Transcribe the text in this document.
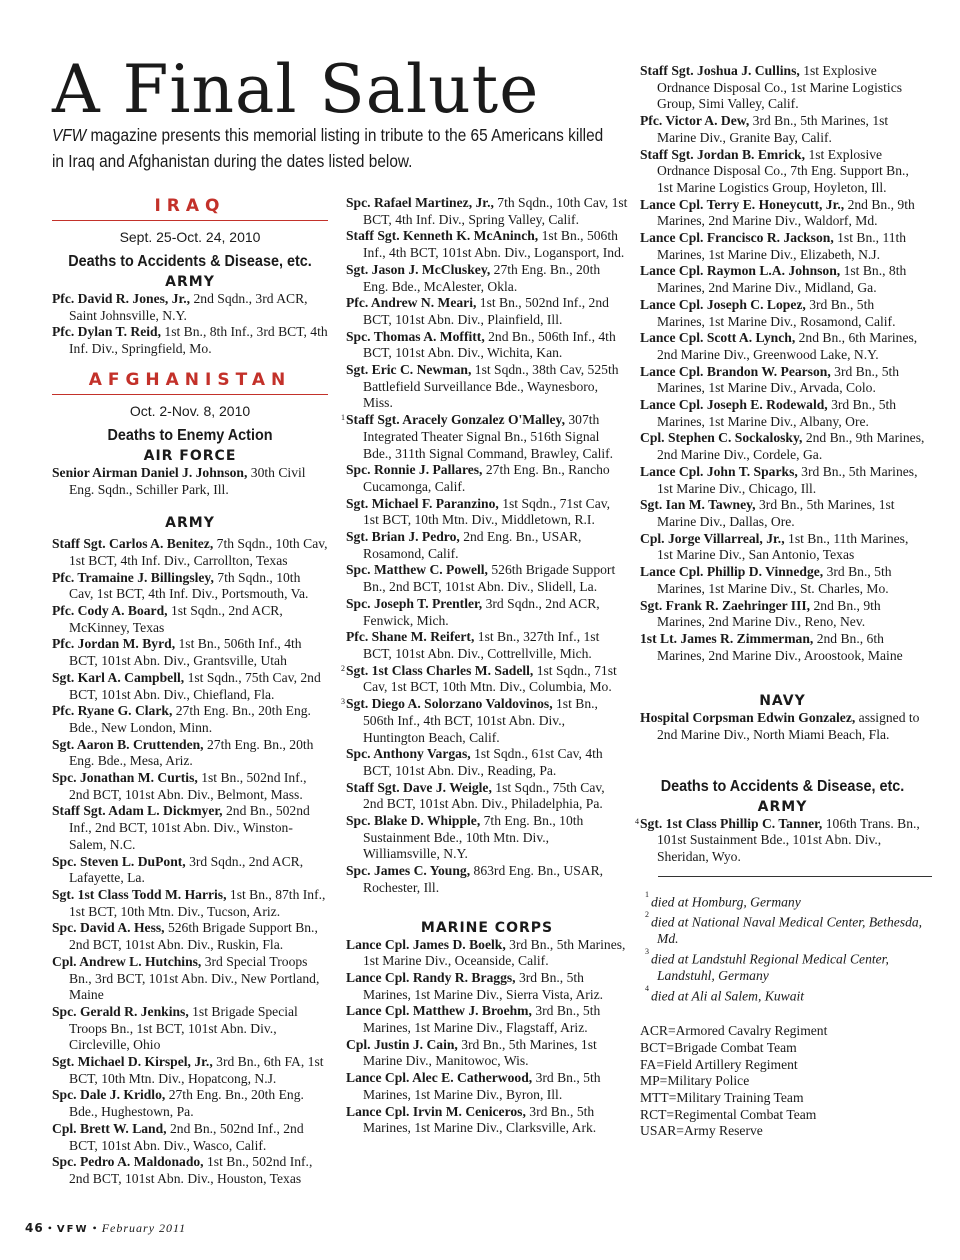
A Final Salute

VFW magazine presents this memorial listing in tribute to the 65 Americans killed in Iraq and Afghanistan during the dates listed below.

IRAQ
Sept. 25-Oct. 24, 2010
Deaths to Accidents & Disease, etc.
ARMY
Pfc. David R. Jones, Jr., 2nd Sqdn., 3rd ACR, Saint Johnsville, N.Y.
Pfc. Dylan T. Reid, 1st Bn., 8th Inf., 3rd BCT, 4th Inf. Div., Springfield, Mo.
AFGHANISTAN
Oct. 2-Nov. 8, 2010
Deaths to Enemy Action
AIR FORCE
Senior Airman Daniel J. Johnson, 30th Civil Eng. Sqdn., Schiller Park, Ill.
ARMY
Staff Sgt. Carlos A. Benitez, 7th Sqdn., 10th Cav, 1st BCT, 4th Inf. Div., Carrollton, Texas
Pfc. Tramaine J. Billingsley, 7th Sqdn., 10th Cav, 1st BCT, 4th Inf. Div., Portsmouth, Va.
Pfc. Cody A. Board, 1st Sqdn., 2nd ACR, McKinney, Texas
Pfc. Jordan M. Byrd, 1st Bn., 506th Inf., 4th BCT, 101st Abn. Div., Grantsville, Utah
Sgt. Karl A. Campbell, 1st Sqdn., 75th Cav, 2nd BCT, 101st Abn. Div., Chiefland, Fla.
Pfc. Ryane G. Clark, 27th Eng. Bn., 20th Eng. Bde., New London, Minn.
Sgt. Aaron B. Cruttenden, 27th Eng. Bn., 20th Eng. Bde., Mesa, Ariz.
Spc. Jonathan M. Curtis, 1st Bn., 502nd Inf., 2nd BCT, 101st Abn. Div., Belmont, Mass.
Staff Sgt. Adam L. Dickmyer, 2nd Bn., 502nd Inf., 2nd BCT, 101st Abn. Div., Winston-Salem, N.C.
Spc. Steven L. DuPont, 3rd Sqdn., 2nd ACR, Lafayette, La.
Sgt. 1st Class Todd M. Harris, 1st Bn., 87th Inf., 1st BCT, 10th Mtn. Div., Tucson, Ariz.
Spc. David A. Hess, 526th Brigade Support Bn., 2nd BCT, 101st Abn. Div., Ruskin, Fla.
Cpl. Andrew L. Hutchins, 3rd Special Troops Bn., 3rd BCT, 101st Abn. Div., New Portland, Maine
Spc. Gerald R. Jenkins, 1st Brigade Special Troops Bn., 1st BCT, 101st Abn. Div., Circleville, Ohio
Sgt. Michael D. Kirspel, Jr., 3rd Bn., 6th FA, 1st BCT, 10th Mtn. Div., Hopatcong, N.J.
Spc. Dale J. Kridlo, 27th Eng. Bn., 20th Eng. Bde., Hughestown, Pa.
Cpl. Brett W. Land, 2nd Bn., 502nd Inf., 2nd BCT, 101st Abn. Div., Wasco, Calif.
Spc. Pedro A. Maldonado, 1st Bn., 502nd Inf., 2nd BCT, 101st Abn. Div., Houston, Texas
Spc. Rafael Martinez, Jr., 7th Sqdn., 10th Cav, 1st BCT, 4th Inf. Div., Spring Valley, Calif.
Staff Sgt. Kenneth K. McAninch, 1st Bn., 506th Inf., 4th BCT, 101st Abn. Div., Logansport, Ind.
Sgt. Jason J. McCluskey, 27th Eng. Bn., 20th Eng. Bde., McAlester, Okla.
Pfc. Andrew N. Meari, 1st Bn., 502nd Inf., 2nd BCT, 101st Abn. Div., Plainfield, Ill.
Spc. Thomas A. Moffitt, 2nd Bn., 506th Inf., 4th BCT, 101st Abn. Div., Wichita, Kan.
Sgt. Eric C. Newman, 1st Sqdn., 38th Cav, 525th Battlefield Surveillance Bde., Waynesboro, Miss.
1 Staff Sgt. Aracely Gonzalez O'Malley, 307th Integrated Theater Signal Bn., 516th Signal Bde., 311th Signal Command, Brawley, Calif.
Spc. Ronnie J. Pallares, 27th Eng. Bn., Rancho Cucamonga, Calif.
Sgt. Michael F. Paranzino, 1st Sqdn., 71st Cav, 1st BCT, 10th Mtn. Div., Middletown, R.I.
Sgt. Brian J. Pedro, 2nd Eng. Bn., USAR, Rosamond, Calif.
Spc. Matthew C. Powell, 526th Brigade Support Bn., 2nd BCT, 101st Abn. Div., Slidell, La.
Spc. Joseph T. Prentler, 3rd Sqdn., 2nd ACR, Fenwick, Mich.
Pfc. Shane M. Reifert, 1st Bn., 327th Inf., 1st BCT, 101st Abn. Div., Cottrellville, Mich.
2 Sgt. 1st Class Charles M. Sadell, 1st Sqdn., 71st Cav, 1st BCT, 10th Mtn. Div., Columbia, Mo.
3 Sgt. Diego A. Solorzano Valdovinos, 1st Bn., 506th Inf., 4th BCT, 101st Abn. Div., Huntington Beach, Calif.
Spc. Anthony Vargas, 1st Sqdn., 61st Cav, 4th BCT, 101st Abn. Div., Reading, Pa.
Staff Sgt. Dave J. Weigle, 1st Sqdn., 75th Cav, 2nd BCT, 101st Abn. Div., Philadelphia, Pa.
Spc. Blake D. Whipple, 7th Eng. Bn., 10th Sustainment Bde., 10th Mtn. Div., Williamsville, N.Y.
Spc. James C. Young, 863rd Eng. Bn., USAR, Rochester, Ill.
MARINE CORPS
Lance Cpl. James D. Boelk, 3rd Bn., 5th Marines, 1st Marine Div., Oceanside, Calif.
Lance Cpl. Randy R. Braggs, 3rd Bn., 5th Marines, 1st Marine Div., Sierra Vista, Ariz.
Lance Cpl. Matthew J. Broehm, 3rd Bn., 5th Marines, 1st Marine Div., Flagstaff, Ariz.
Cpl. Justin J. Cain, 3rd Bn., 5th Marines, 1st Marine Div., Manitowoc, Wis.
Lance Cpl. Alec E. Catherwood, 3rd Bn., 5th Marines, 1st Marine Div., Byron, Ill.
Lance Cpl. Irvin M. Ceniceros, 3rd Bn., 5th Marines, 1st Marine Div., Clarksville, Ark.
Staff Sgt. Joshua J. Cullins, 1st Explosive Ordnance Disposal Co., 1st Marine Logistics Group, Simi Valley, Calif.
Pfc. Victor A. Dew, 3rd Bn., 5th Marines, 1st Marine Div., Granite Bay, Calif.
Staff Sgt. Jordan B. Emrick, 1st Explosive Ordnance Disposal Co., 7th Eng. Support Bn., 1st Marine Logistics Group, Hoyleton, Ill.
Lance Cpl. Terry E. Honeycutt, Jr., 2nd Bn., 9th Marines, 2nd Marine Div., Waldorf, Md.
Lance Cpl. Francisco R. Jackson, 1st Bn., 11th Marines, 1st Marine Div., Elizabeth, N.J.
Lance Cpl. Raymon L.A. Johnson, 1st Bn., 8th Marines, 2nd Marine Div., Midland, Ga.
Lance Cpl. Joseph C. Lopez, 3rd Bn., 5th Marines, 1st Marine Div., Rosamond, Calif.
Lance Cpl. Scott A. Lynch, 2nd Bn., 6th Marines, 2nd Marine Div., Greenwood Lake, N.Y.
Lance Cpl. Brandon W. Pearson, 3rd Bn., 5th Marines, 1st Marine Div., Arvada, Colo.
Lance Cpl. Joseph E. Rodewald, 3rd Bn., 5th Marines, 1st Marine Div., Albany, Ore.
Cpl. Stephen C. Sockalosky, 2nd Bn., 9th Marines, 2nd Marine Div., Cordele, Ga.
Lance Cpl. John T. Sparks, 3rd Bn., 5th Marines, 1st Marine Div., Chicago, Ill.
Sgt. Ian M. Tawney, 3rd Bn., 5th Marines, 1st Marine Div., Dallas, Ore.
Cpl. Jorge Villarreal, Jr., 1st Bn., 11th Marines, 1st Marine Div., San Antonio, Texas
Lance Cpl. Phillip D. Vinnedge, 3rd Bn., 5th Marines, 1st Marine Div., St. Charles, Mo.
Sgt. Frank R. Zaehringer III, 2nd Bn., 9th Marines, 2nd Marine Div., Reno, Nev.
1st Lt. James R. Zimmerman, 2nd Bn., 6th Marines, 2nd Marine Div., Aroostook, Maine
NAVY
Hospital Corpsman Edwin Gonzalez, assigned to 2nd Marine Div., North Miami Beach, Fla.
Deaths to Accidents & Disease, etc.
ARMY
4 Sgt. 1st Class Phillip C. Tanner, 106th Trans. Bn., 101st Sustainment Bde., 101st Abn. Div., Sheridan, Wyo.
$^1$died at Homburg, Germany
$^2$died at National Naval Medical Center, Bethesda, Md.
$^3$died at Landstuhl Regional Medical Center, Landstuhl, Germany
$^4$died at Ali al Salem, Kuwait
ACR=Armored Cavalry Regiment
BCT=Brigade Combat Team
FA=Field Artillery Regiment
MP=Military Police
MTT=Military Training Team
RCT=Regimental Combat Team
USAR=Army Reserve
46 • VFW • February 2011
